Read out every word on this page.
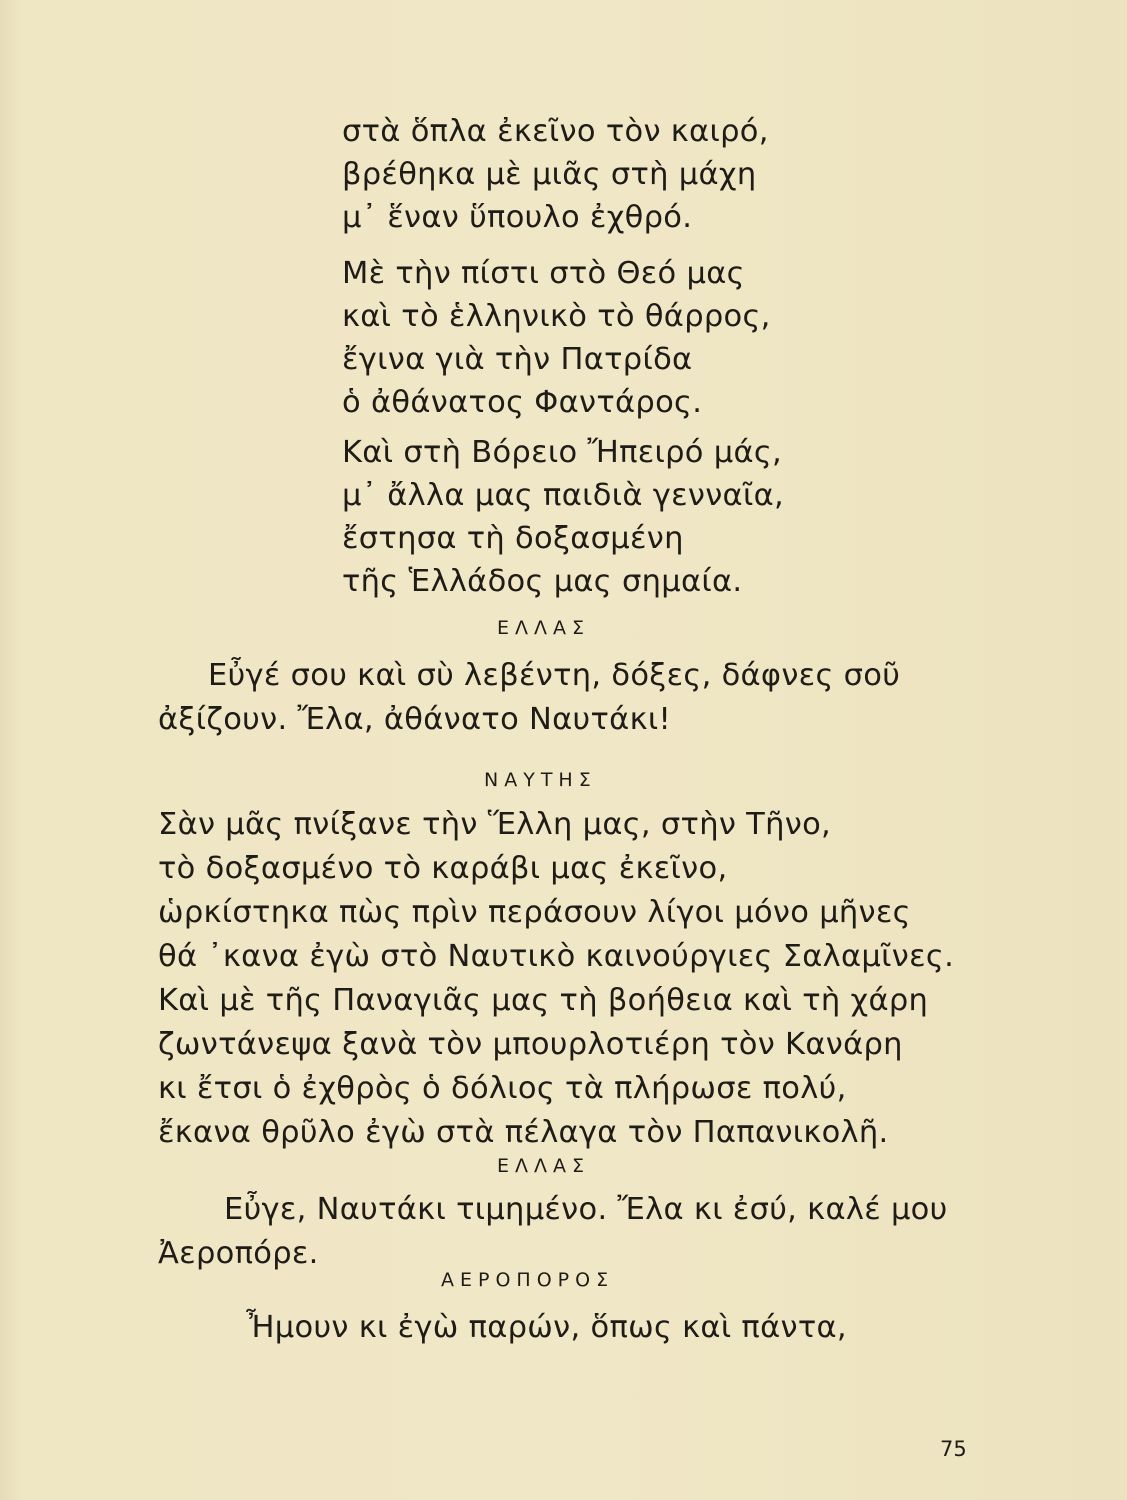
στὰ ὅπλα ἐκεῖνο τὸν καιρό,
βρέθηκα μὲ μιᾶς στὴ μάχη
μ᾽ ἕναν ὕπουλο ἐχθρό.
Μὲ τὴν πίστι στὸ Θεό μας
καὶ τὸ ἑλληνικὸ τὸ θάρρος,
ἔγινα γιὰ τὴν Πατρίδα
ὁ ἀθάνατος Φαντάρος.
Καὶ στὴ Βόρειο Ἤπειρό μάς,
μ᾽ ἄλλα μας παιδιὰ γενναῖα,
ἔστησα τὴ δοξασμένη
τῆς Ἑλλάδος μας σημαία.
ΕΛΛΑΣ
Εὖγέ σου καὶ σὺ λεβέντη, δόξες, δάφνες σοῦ
ἀξίζουν. Ἔλα, ἀθάνατο Ναυτάκι!
ΝΑΥΤΗΣ
Σὰν μᾶς πνίξανε τὴν Ἕλλη μας, στὴν Τῆνο,
τὸ δοξασμένο τὸ καράβι μας ἐκεῖνο,
ὡρκίστηκα πὼς πρὶν περάσουν λίγοι μόνο μῆνες
θά ᾽κανα ἐγὼ στὸ Ναυτικὸ καινούργιες Σαλαμῖνες.
Καὶ μὲ τῆς Παναγιᾶς μας τὴ βοήθεια καὶ τὴ χάρη
ζωντάνεψα ξανὰ τὸν μπουρλοτιέρη τὸν Κανάρη
κι ἔτσι ὁ ἐχθρὸς ὁ δόλιος τὰ πλήρωσε πολύ,
ἔκανα θρῦλο ἐγὼ στὰ πέλαγα τὸν Παπανικολῆ.
ΕΛΛΑΣ
Εὖγε, Ναυτάκι τιμημένο. Ἔλα κι ἐσύ, καλέ μου
Ἀεροπόρε.
ΑΕΡΟΠΟΡΟΣ
Ἦμουν κι ἐγὼ παρών, ὅπως καὶ πάντα,
75
